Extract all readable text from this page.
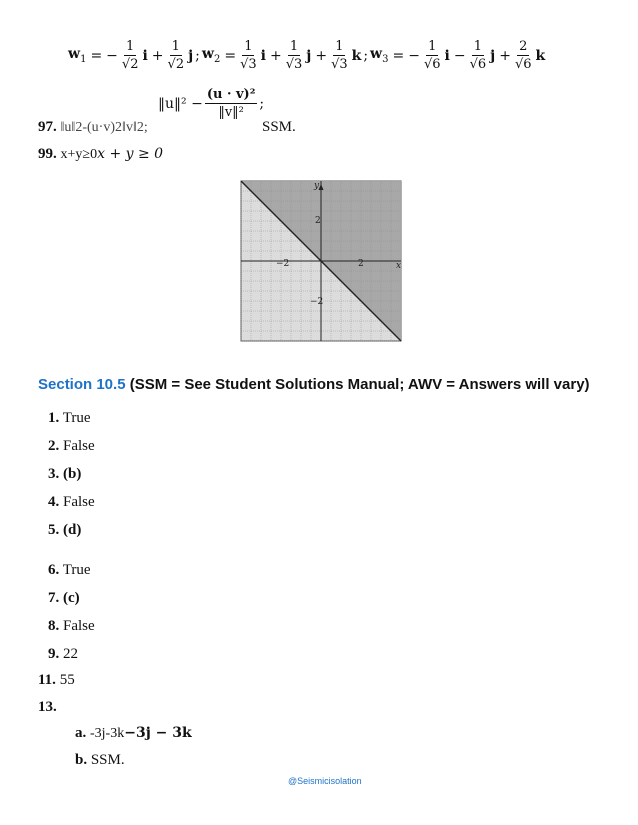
$w_1$ = − $\frac{1}{√2}$ $i + \frac{1}{√2}$ j ; $w_2 = \frac{1}{√3}$ $i + \frac{1}{√3}$ $j + \frac{1}{√3}$ k ; $w_3$ = − $\frac{1}{√6}$ $i - \frac{1}{√6}$ $j + \frac{2}{√6}$ k
‖u‖² − $\frac{\text{(u · v)²}}{\text{‖v‖²}}$ ;
97. ‖u‖2-(u·v)2‖v‖2;	SSM.
99. x+y≥0x + y ≥ 0
x
y
−2	2
2
−2
Section 10.5 (SSM = See Student Solutions Manual; AWV = Answers will vary)
1. True
2. False
3. (b)
4. False
5. (d)
6. True
7. (c)
8. False
9. 22
11. 55
13.
a. -3j-3k−3j − 3k
b. SSM.
@Seismicisolation
